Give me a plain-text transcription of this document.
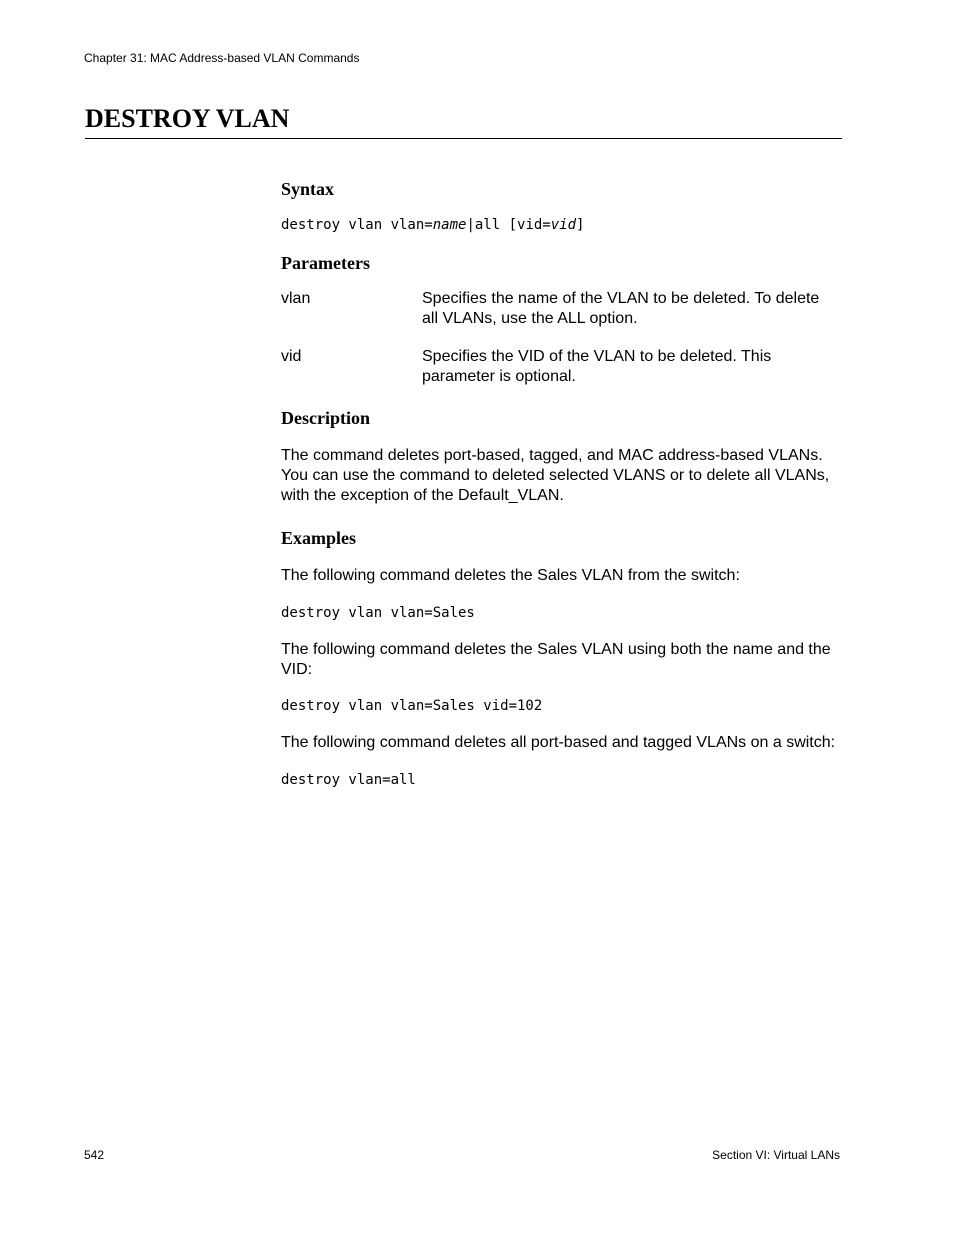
Chapter 31: MAC Address-based VLAN Commands
DESTROY VLAN
Syntax
destroy vlan vlan=name|all [vid=vid]
Parameters
vlan	Specifies the name of the VLAN to be deleted. To delete all VLANs, use the ALL option.
vid	Specifies the VID of the VLAN to be deleted. This parameter is optional.
Description

The command deletes port-based, tagged, and MAC address-based VLANs. You can use the command to deleted selected VLANS or to delete all VLANs, with the exception of the Default_VLAN.

Examples

The following command deletes the Sales VLAN from the switch:

destroy vlan vlan=Sales

The following command deletes the Sales VLAN using both the name and the VID:

destroy vlan vlan=Sales vid=102

The following command deletes all port-based and tagged VLANs on a switch:

destroy vlan=all
542	Section VI: Virtual LANs
